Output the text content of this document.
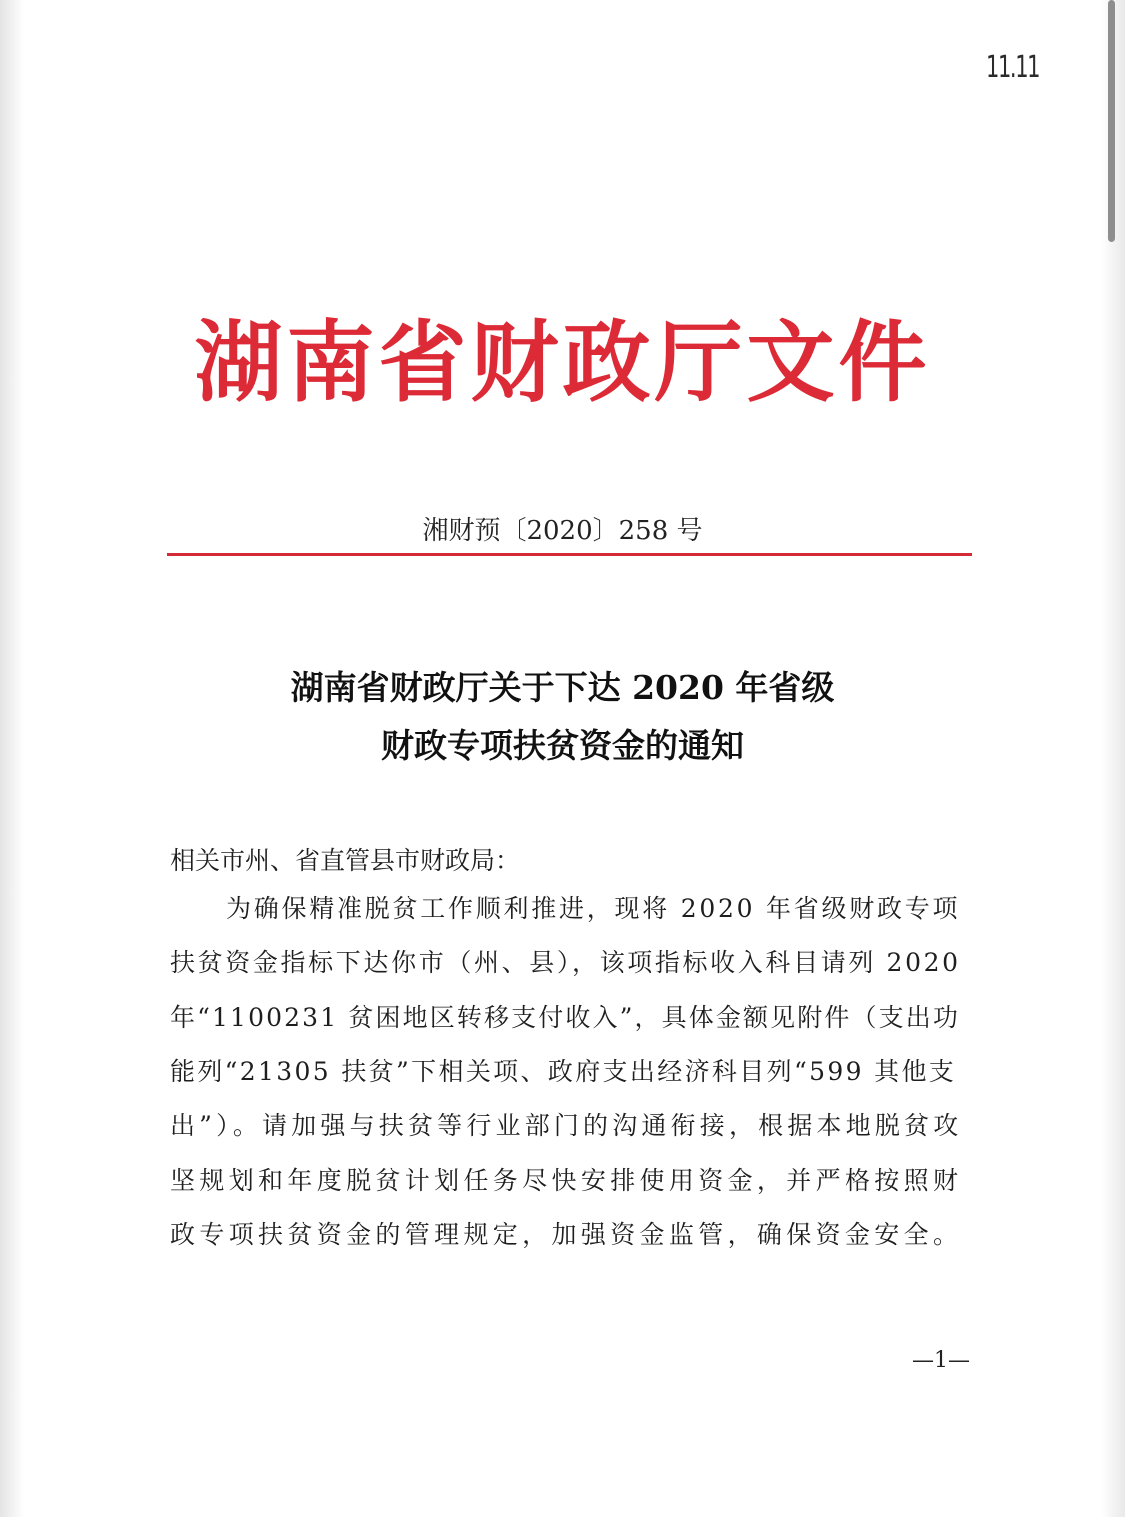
11.11
湖南省财政厅文件
湘财预〔2020〕258 号
湖南省财政厅关于下达 2020 年省级
财政专项扶贫资金的通知
相关市州、省直管县市财政局：
为确保精准脱贫工作顺利推进，现将 2020 年省级财政专项
扶贫资金指标下达你市（州、县），该项指标收入科目请列 2020
年“1100231 贫困地区转移支付收入”，具体金额见附件（支出功
能列“21305 扶贫”下相关项、政府支出经济科目列“599 其他支
出”）。请加强与扶贫等行业部门的沟通衔接，根据本地脱贫攻
坚规划和年度脱贫计划任务尽快安排使用资金，并严格按照财
政专项扶贫资金的管理规定，加强资金监管，确保资金安全。
—1—
